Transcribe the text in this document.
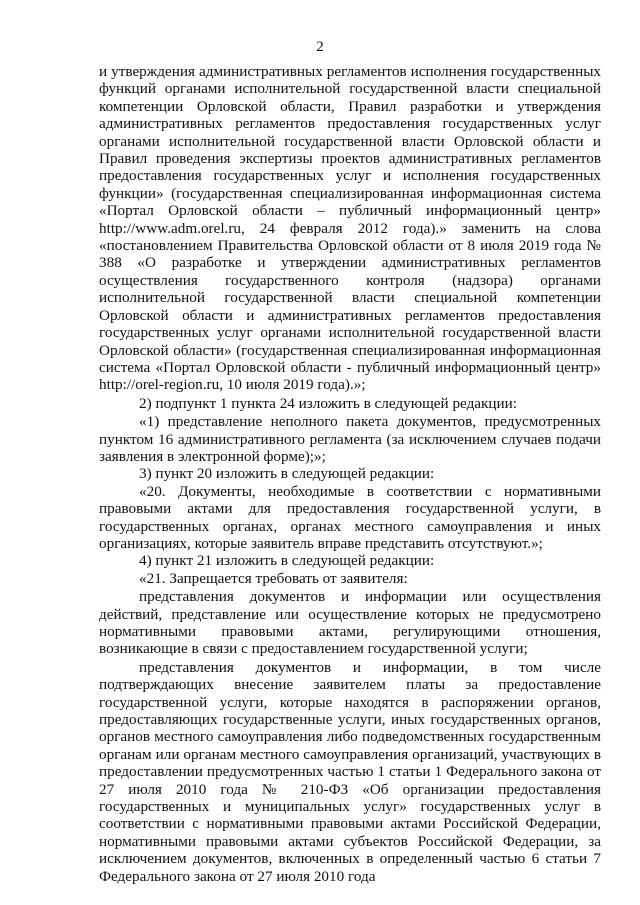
2

и утверждения административных регламентов исполнения государственных функций органами исполнительной государственной власти специальной компетенции Орловской области, Правил разработки и утверждения административных регламентов предоставления государственных услуг органами исполнительной государственной власти Орловской области и Правил проведения экспертизы проектов административных регламентов предоставления государственных услуг и исполнения государственных функции» (государственная специализированная информационная система «Портал Орловской области – публичный информационный центр» http://www.adm.orel.ru, 24 февраля 2012 года).» заменить на слова «постановлением Правительства Орловской области от 8 июля 2019 года № 388 «О разработке и утверждении административных регламентов осуществления государственного контроля (надзора) органами исполнительной государственной власти специальной компетенции Орловской области и административных регламентов предоставления государственных услуг органами исполнительной государственной власти Орловской области» (государственная специализированная информационная система «Портал Орловской области - публичный информационный центр» http://orel-region.ru, 10 июля 2019 года).»;

2) подпункт 1 пункта 24 изложить в следующей редакции:

«1) представление неполного пакета документов, предусмотренных пунктом 16 административного регламента (за исключением случаев подачи заявления в электронной форме);»;

3) пункт 20 изложить в следующей редакции:

«20. Документы, необходимые в соответствии с нормативными правовыми актами для предоставления государственной услуги, в государственных органах, органах местного самоуправления и иных организациях, которые заявитель вправе представить отсутствуют.»;

4) пункт 21 изложить в следующей редакции:

«21. Запрещается требовать от заявителя:

представления документов и информации или осуществления действий, представление или осуществление которых не предусмотрено нормативными правовыми актами, регулирующими отношения, возникающие в связи с предоставлением государственной услуги;

представления документов и информации, в том числе подтверждающих внесение заявителем платы за предоставление государственной услуги, которые находятся в распоряжении органов, предоставляющих государственные услуги, иных государственных органов, органов местного самоуправления либо подведомственных государственным органам или органам местного самоуправления организаций, участвующих в предоставлении предусмотренных частью 1 статьи 1 Федерального закона от 27 июля 2010 года № 210-ФЗ «Об организации предоставления государственных и муниципальных услуг» государственных услуг в соответствии с нормативными правовыми актами Российской Федерации, нормативными правовыми актами субъектов Российской Федерации, за исключением документов, включенных в определенный частью 6 статьи 7 Федерального закона от 27 июля 2010 года
